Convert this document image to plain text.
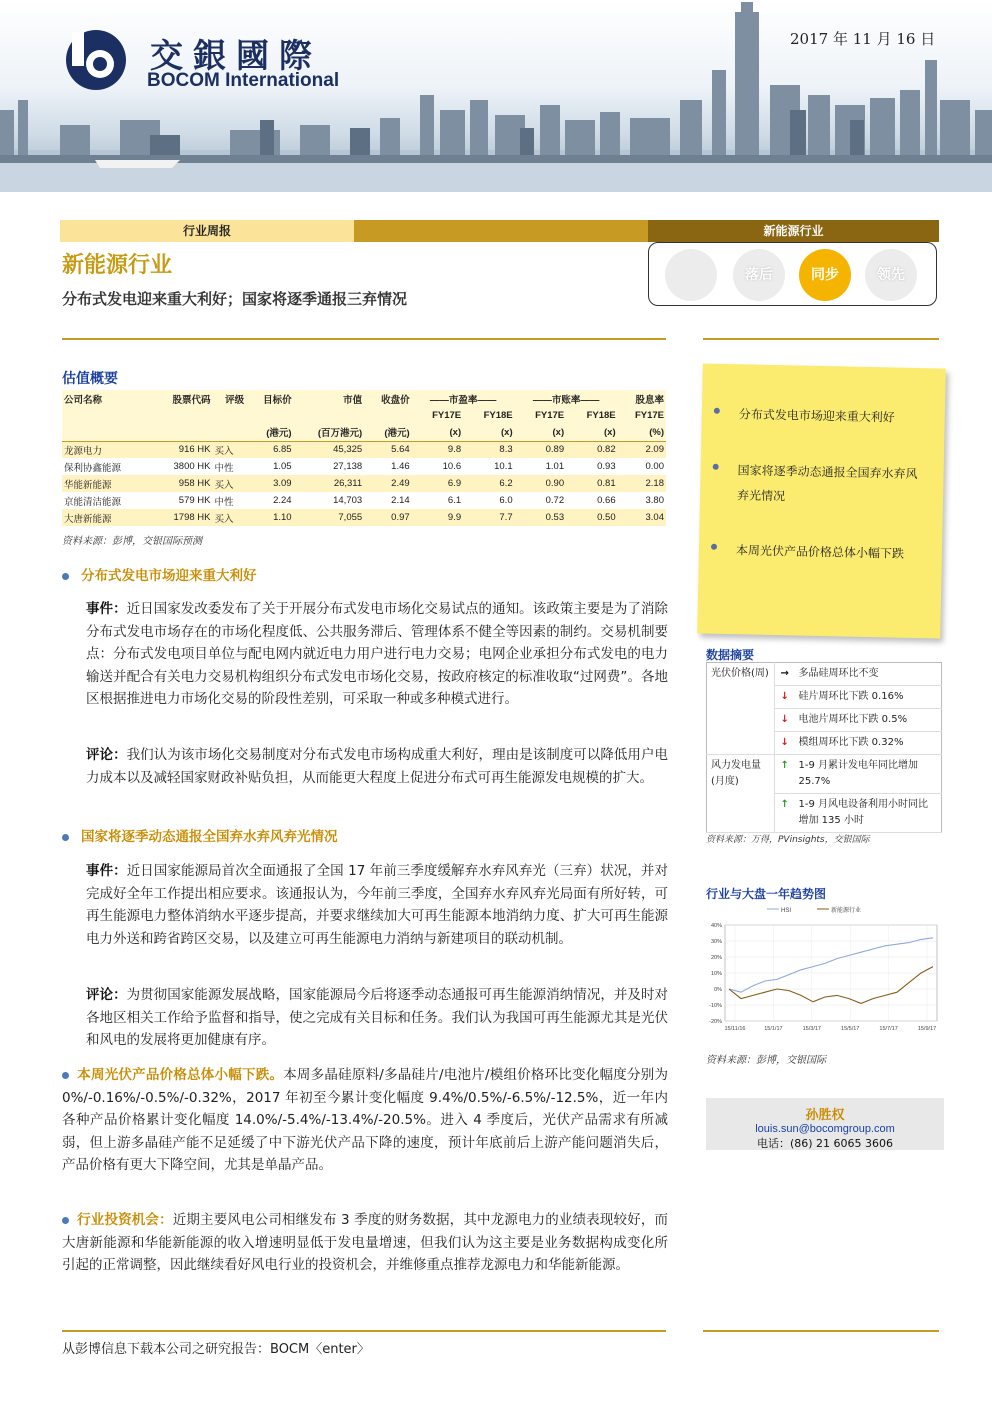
交銀國際
BOCOM International
2017 年 11 月 16 日
行业周报	新能源行业
新能源行业
分布式发电迎来重大利好；国家将逐季通报三弃情况
落后	同步	领先
估值概要
公司名称	股票代码	评级	目标价	市值	收盘价	——市盈率——		——市账率——		股息率
						FY17E	FY18E	FY17E	FY18E	FY17E
			(港元)	(百万港元)	(港元)	(x)	(x)	(x)	(x)	(%)
龙源电力	916 HK	买入	6.85	45,325	5.64	9.8	8.3	0.89	0.82	2.09
保利协鑫能源	3800 HK	中性	1.05	27,138	1.46	10.6	10.1	1.01	0.93	0.00
华能新能源	958 HK	买入	3.09	26,311	2.49	6.9	6.2	0.90	0.81	2.18
京能清洁能源	579 HK	中性	2.24	14,703	2.14	6.1	6.0	0.72	0.66	3.80
大唐新能源	1798 HK	买入	1.10	7,055	0.97	9.9	7.7	0.53	0.50	3.04
资料来源：彭博，交银国际预测
分布式发电市场迎来重大利好
事件：近日国家发改委发布了关于开展分布式发电市场化交易试点的通知。该政策主要是为了消除分布式发电市场存在的市场化程度低、公共服务滞后、管理体系不健全等因素的制约。交易机制要点：分布式发电项目单位与配电网内就近电力用户进行电力交易；电网企业承担分布式发电的电力输送并配合有关电力交易机构组织分布式发电市场化交易，按政府核定的标准收取“过网费”。各地区根据推进电力市场化交易的阶段性差别，可采取一种或多种模式进行。
评论：我们认为该市场化交易制度对分布式发电市场构成重大利好，理由是该制度可以降低用户电力成本以及减轻国家财政补贴负担，从而能更大程度上促进分布式可再生能源发电规模的扩大。
国家将逐季动态通报全国弃水弃风弃光情况
事件：近日国家能源局首次全面通报了全国 17 年前三季度缓解弃水弃风弃光（三弃）状况，并对完成好全年工作提出相应要求。该通报认为，今年前三季度，全国弃水弃风弃光局面有所好转，可再生能源电力整体消纳水平逐步提高，并要求继续加大可再生能源本地消纳力度、扩大可再生能源电力外送和跨省跨区交易，以及建立可再生能源电力消纳与新建项目的联动机制。
评论：为贯彻国家能源发展战略，国家能源局今后将逐季动态通报可再生能源消纳情况，并及时对各地区相关工作给予监督和指导，使之完成有关目标和任务。我们认为我国可再生能源尤其是光伏和风电的发展将更加健康有序。
本周光伏产品价格总体小幅下跌。本周多晶硅原料/多晶硅片/电池片/模组价格环比变化幅度分别为 0%/-0.16%/-0.5%/-0.32%，2017 年初至今累计变化幅度 9.4%/0.5%/-6.5%/-12.5%，近一年内各种产品价格累计变化幅度 14.0%/-5.4%/-13.4%/-20.5%。进入 4 季度后，光伏产品需求有所减弱，但上游多晶硅产能不足延缓了中下游光伏产品下降的速度，预计年底前后上游产能问题消失后，产品价格有更大下降空间，尤其是单晶产品。
行业投资机会：近期主要风电公司相继发布 3 季度的财务数据，其中龙源电力的业绩表现较好，而大唐新能源和华能新能源的收入增速明显低于发电量增速，但我们认为这主要是业务数据构成变化所引起的正常调整，因此继续看好风电行业的投资机会，并维修重点推荐龙源电力和华能新能源。
从彭博信息下载本公司之研究报告：BOCM〈enter〉
分布式发电市场迎来重大利好
国家将逐季动态通报全国弃水弃风弃光情况
本周光伏产品价格总体小幅下跌
数据摘要
光伏价格(周)	→	多晶硅周环比不变
	↓	硅片周环比下跌 0.16%
	↓	电池片周环比下跌 0.5%
	↓	模组周环比下跌 0.32%
风力发电量(月度)	↑	1-9 月累计发电年同比增加 25.7%
	↑	1-9 月风电设备利用小时同比增加 135 小时
资料来源：万得，PVinsights，交银国际
行业与大盘一年趋势图
HSI	新能源行业
40%
30%
20%
10%
0%
-10%
-20%
15/11/16	15/1/17	15/3/17	15/5/17	15/7/17	15/9/17
资料来源：彭博，交银国际
孙胜权
louis.sun@bocomgroup.com
电话：(86) 21 6065 3606
